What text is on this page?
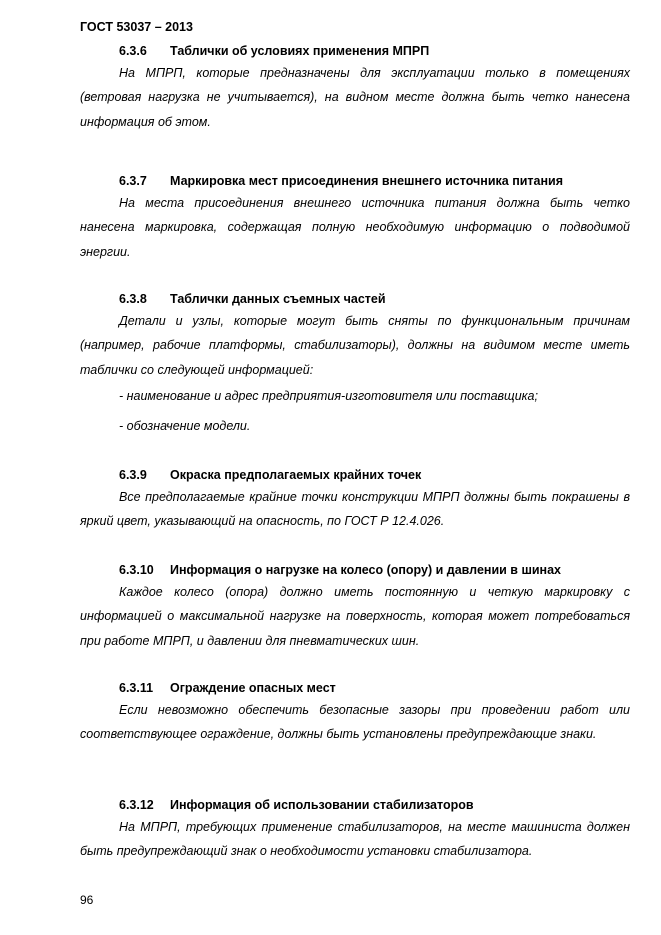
ГОСТ 53037 – 2013
6.3.6 Таблички об условиях применения МПРП

На МПРП, которые предназначены для эксплуатации только в помещениях (ветровая нагрузка не учитывается), на видном месте должна быть четко нанесена информация об этом.

6.3.7 Маркировка мест присоединения внешнего источника питания

На места присоединения внешнего источника питания должна быть четко нанесена маркировка, содержащая полную необходимую информацию о подводимой энергии.

6.3.8 Таблички данных съемных частей

Детали и узлы, которые могут быть сняты по функциональным причинам (например, рабочие платформы, стабилизаторы), должны на видимом месте иметь таблички со следующей информацией:

- наименование и адрес предприятия-изготовителя или поставщика;
- обозначение модели.
6.3.9 Окраска предполагаемых крайних точек

Все предполагаемые крайние точки конструкции МПРП должны быть покрашены в яркий цвет, указывающий на опасность, по ГОСТ Р 12.4.026.

6.3.10 Информация о нагрузке на колесо (опору) и давлении в шинах

Каждое колесо (опора) должно иметь постоянную и четкую маркировку с информацией о максимальной нагрузке на поверхность, которая может потребоваться при работе МПРП, и давлении для пневматических шин.

6.3.11 Ограждение опасных мест

Если невозможно обеспечить безопасные зазоры при проведении работ или соответствующее ограждение, должны быть установлены предупреждающие знаки.

6.3.12 Информация об использовании стабилизаторов

На МПРП, требующих применение стабилизаторов, на месте машиниста должен быть предупреждающий знак о необходимости установки стабилизатора.

96
